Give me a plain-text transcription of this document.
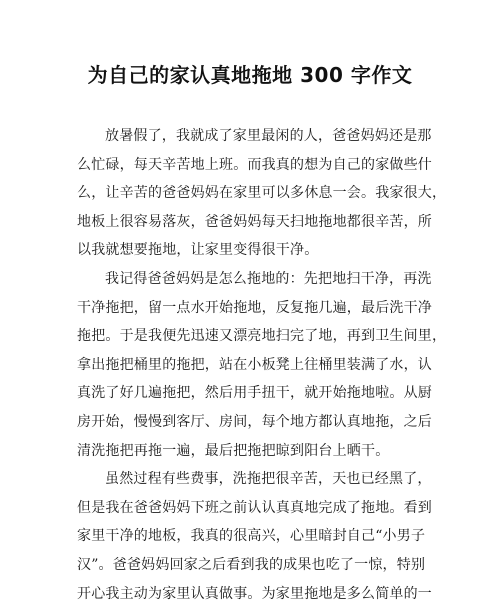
为自己的家认真地拖地 300 字作文
放暑假了，我就成了家里最闲的人，爸爸妈妈还是那
么忙碌，每天辛苦地上班。而我真的想为自己的家做些什
么，让辛苦的爸爸妈妈在家里可以多休息一会。我家很大，
地板上很容易落灰，爸爸妈妈每天扫地拖地都很辛苦，所
以我就想要拖地，让家里变得很干净。
我记得爸爸妈妈是怎么拖地的：先把地扫干净，再洗
干净拖把，留一点水开始拖地，反复拖几遍，最后洗干净
拖把。于是我便先迅速又漂亮地扫完了地，再到卫生间里，
拿出拖把桶里的拖把，站在小板凳上往桶里装满了水，认
真洗了好几遍拖把，然后用手扭干，就开始拖地啦。从厨
房开始，慢慢到客厅、房间，每个地方都认真地拖，之后
清洗拖把再拖一遍，最后把拖把晾到阳台上晒干。
虽然过程有些费事，洗拖把很辛苦，天也已经黑了，
但是我在爸爸妈妈下班之前认认真真地完成了拖地。看到
家里干净的地板，我真的很高兴，心里暗封自己“小男子
汉”。爸爸妈妈回家之后看到我的成果也吃了一惊，特别
开心我主动为家里认真做事。为家里拖地是多么简单的一
